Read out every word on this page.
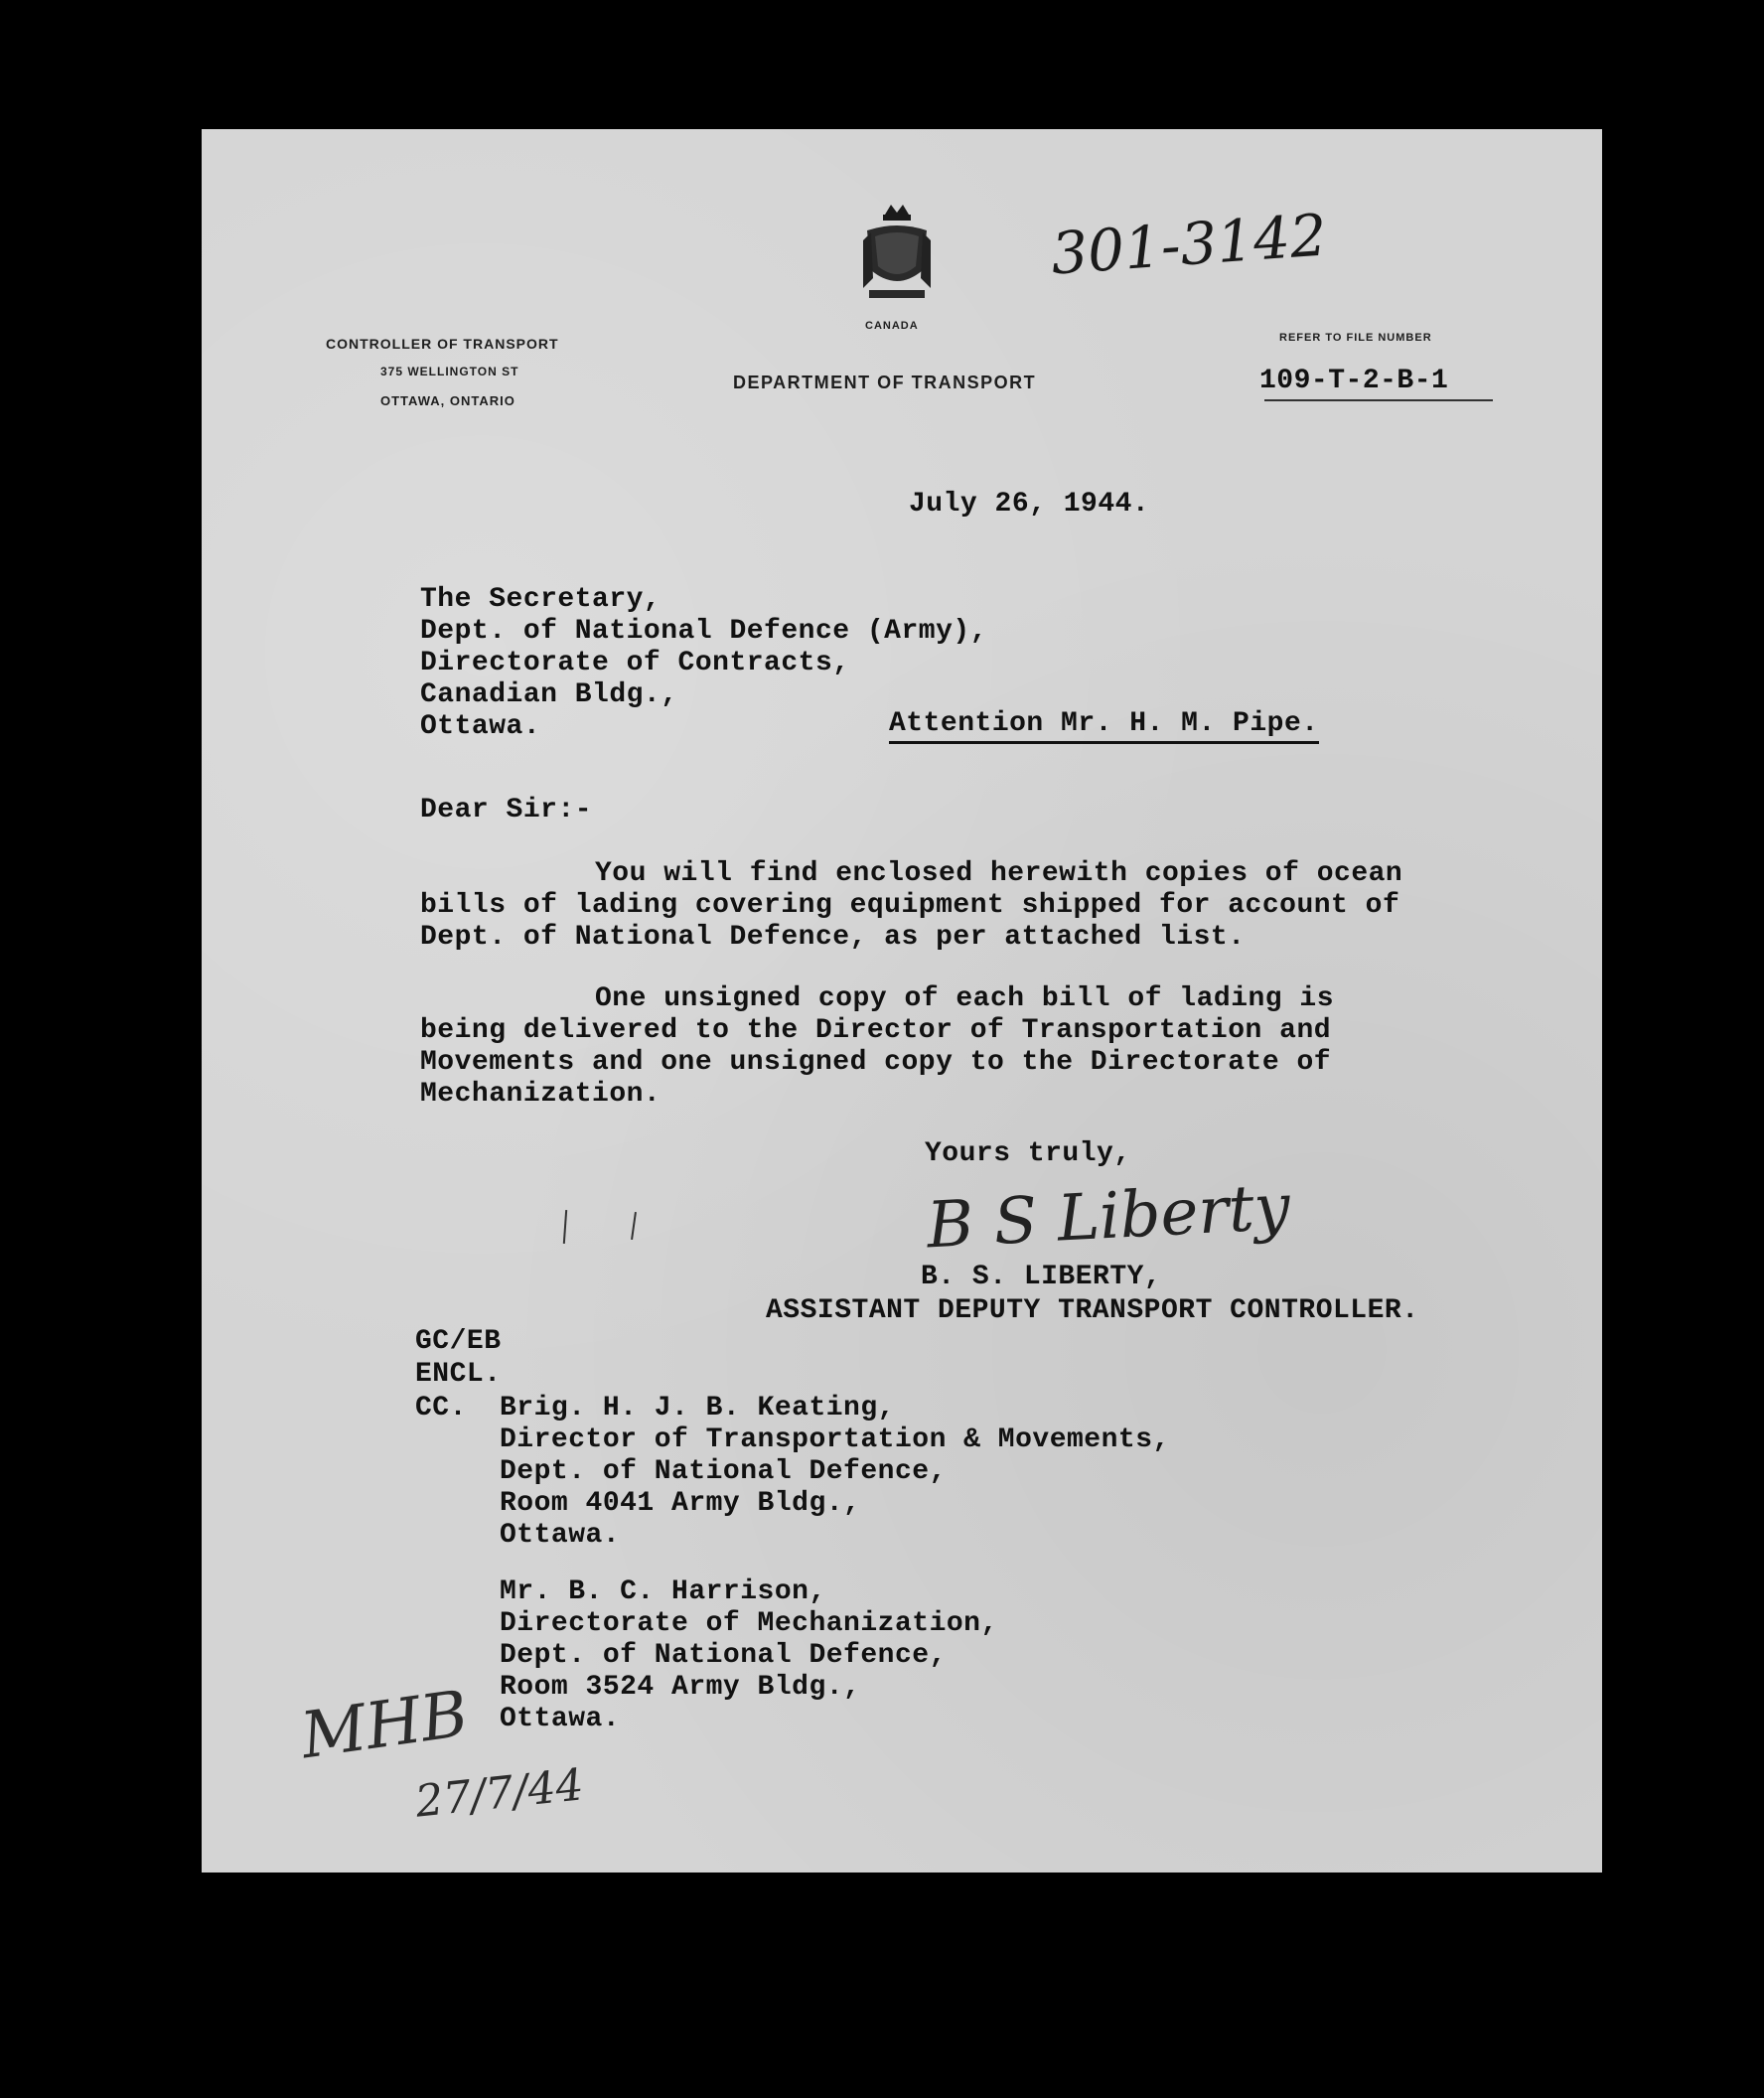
CONTROLLER OF TRANSPORT
375 WELLINGTON ST
OTTAWA, ONTARIO
CANADA
DEPARTMENT OF TRANSPORT
REFER TO FILE NUMBER
109-T-2-B-1
301-3142
July 26, 1944.
The Secretary,
Dept. of National Defence (Army),
Directorate of Contracts,
Canadian Bldg.,
Ottawa.	Attention Mr. H. M. Pipe.
Dear Sir:-
You will find enclosed herewith copies of ocean
bills of lading covering equipment shipped for account of
Dept. of National Defence, as per attached list.
One unsigned copy of each bill of lading is
being delivered to the Director of Transportation and
Movements and one unsigned copy to the Directorate of
Mechanization.
Yours truly,
B S Liberty
B. S. LIBERTY,
ASSISTANT DEPUTY TRANSPORT CONTROLLER.
GC/EB
ENCL.
CC. Brig. H. J. B. Keating,
Director of Transportation & Movements,
Dept. of National Defence,
Room 4041 Army Bldg.,
Ottawa.
Mr. B. C. Harrison,
Directorate of Mechanization,
Dept. of National Defence,
Room 3524 Army Bldg.,
Ottawa.
MHB
27/7/44
